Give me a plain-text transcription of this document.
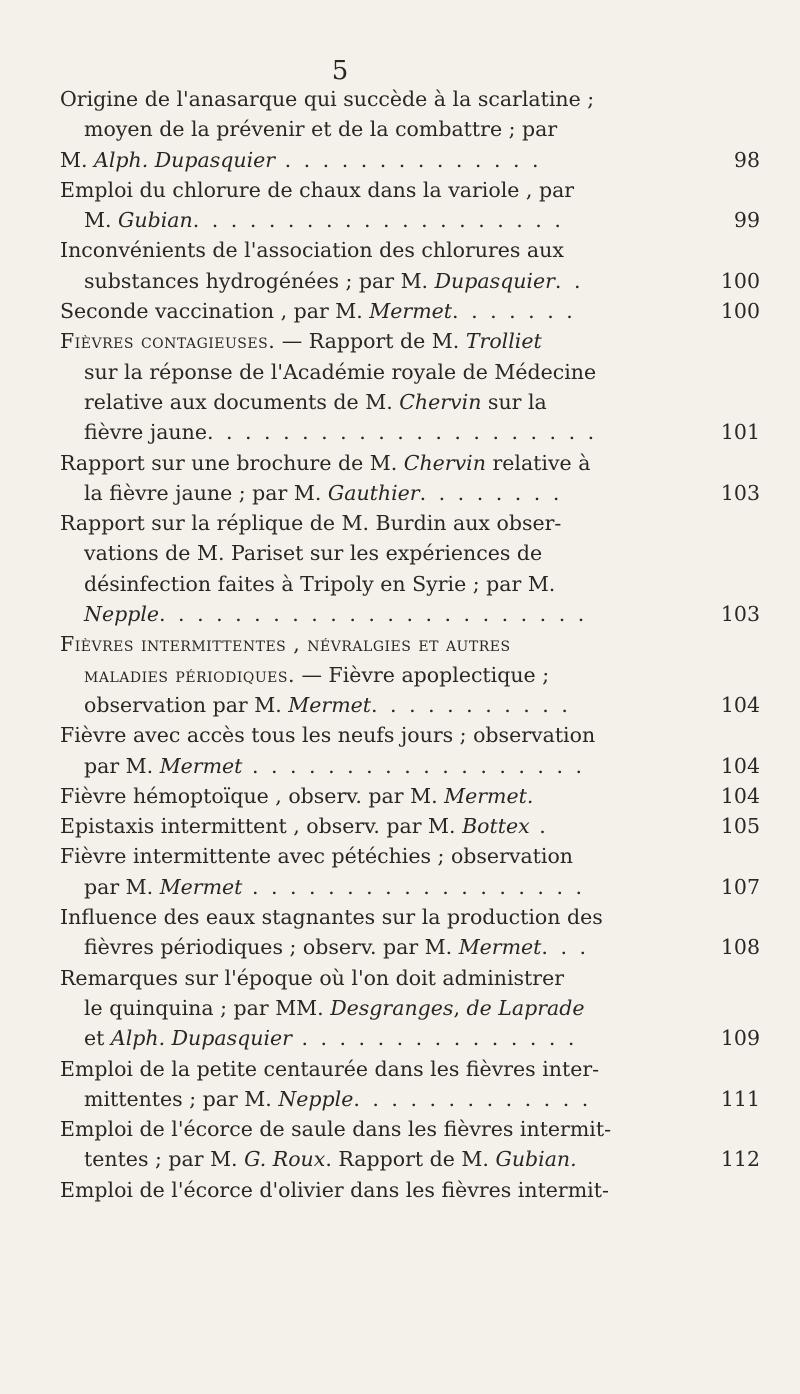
5
Origine de l'anasarque qui succède à la scarlatine ;
moyen de la prévenir et de la combattre ; par
M. Alph. Dupasquier . . . . . . . . . . . . . .	98
Emploi du chlorure de chaux dans la variole , par
M. Gubian. . . . . . . . . . . . . . . . . . . .	99
Inconvénients de l'association des chlorures aux
substances hydrogénées ; par M. Dupasquier. .	100
Seconde vaccination , par M. Mermet. . . . . . .	100
Fièvres contagieuses. — Rapport de M. Trolliet
sur la réponse de l'Académie royale de Médecine
relative aux documents de M. Chervin sur la
fièvre jaune. . . . . . . . . . . . . . . . . . . . .	101
Rapport sur une brochure de M. Chervin relative à
la fièvre jaune ; par M. Gauthier. . . . . . . .	103
Rapport sur la réplique de M. Burdin aux obser-
vations de M. Pariset sur les expériences de
désinfection faites à Tripoly en Syrie ; par M.
Nepple. . . . . . . . . . . . . . . . . . . . . . .	103
Fièvres intermittentes , névralgies et autres
maladies périodiques. — Fièvre apoplectique ;
observation par M. Mermet. . . . . . . . . . .	104
Fièvre avec accès tous les neufs jours ; observation
par M. Mermet . . . . . . . . . . . . . . . . . .	104
Fièvre hémoptoïque , observ. par M. Mermet.	104
Epistaxis intermittent , observ. par M. Bottex .	105
Fièvre intermittente avec pétéchies ; observation
par M. Mermet . . . . . . . . . . . . . . . . . .	107
Influence des eaux stagnantes sur la production des
fièvres périodiques ; observ. par M. Mermet. . .	108
Remarques sur l'époque où l'on doit administrer
le quinquina ; par MM. Desgranges, de Laprade
et Alph. Dupasquier . . . . . . . . . . . . . . .	109
Emploi de la petite centaurée dans les fièvres inter-
mittentes ; par M. Nepple. . . . . . . . . . . . .	111
Emploi de l'écorce de saule dans les fièvres intermit-
tentes ; par M. G. Roux. Rapport de M. Gubian.	112
Emploi de l'écorce d'olivier dans les fièvres intermit-
